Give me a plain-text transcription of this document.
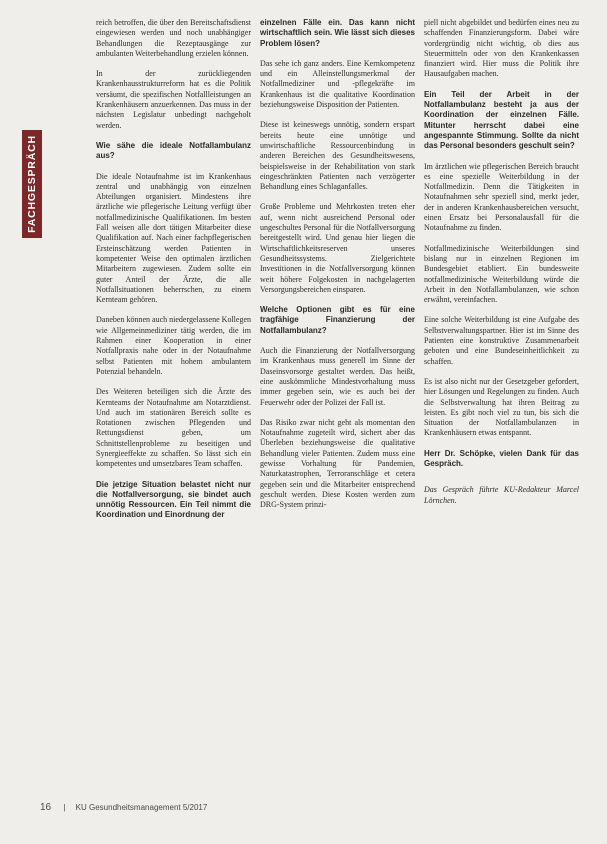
FACHGESPRÄCH

reich betroffen, die über den Bereitschaftsdienst eingewiesen werden und noch unabhängiger Behandlungen die Rezeptausgänge zur ambulanten Weiterbehandlung erzielen können.

In der zurückliegenden Krankenhausstrukturreform hat es die Politik versäumt, die spezifischen Notfallleistungen an Krankenhäusern anzuerkennen. Das muss in der nächsten Legislatur unbedingt nachgeholt werden.

Wie sähe die ideale Notfallambulanz aus?

Die ideale Notaufnahme ist im Krankenhaus zentral und unabhängig von einzelnen Abteilungen organisiert. Mindestens ihre ärztliche wie pflegerische Leitung verfügt über notfallmedizinische Qualifikationen. Im besten Fall weisen alle dort tätigen Mitarbeiter diese Qualifikation auf. Nach einer fachpflegerischen Ersteinschätzung werden Patienten in kompetenter Weise den optimalen ärztlichen Mitarbeitern zugewiesen. Zudem sollte ein guter Anteil der Ärzte, die alle Notfallsituationen beherrschen, zu einem Kernteam gehören.

Daneben können auch niedergelassene Kollegen wie Allgemeinmediziner tätig werden, die im Rahmen einer Kooperation in einer Notfallpraxis nahe oder in der Notaufnahme selbst Patienten mit hohem ambulantem Potenzial behandeln.

Des Weiteren beteiligen sich die Ärzte des Kernteams der Notaufnahme am Notarztdienst. Und auch im stationären Bereich sollte es Rotationen zwischen Pflegenden und Rettungsdienst geben, um Schnittstellenprobleme zu beseitigen und Synergieeffekte zu schaffen. So lässt sich ein kompetentes und umsetzbares Team schaffen.

Die jetzige Situation belastet nicht nur die Notfallversorgung, sie bindet auch unnötig Ressourcen. Ein Teil nimmt die Koordination und Einordnung der

einzelnen Fälle ein. Das kann nicht wirtschaftlich sein. Wie lässt sich dieses Problem lösen?

Das sehe ich ganz anders. Eine Kernkompetenz und ein Alleinstellungsmerkmal der Notfallmediziner und -pflegekräfte im Krankenhaus ist die qualitative Koordination beziehungsweise Disposition der Patienten.

Diese ist keineswegs unnötig, sondern erspart bereits heute eine unnötige und unwirtschaftliche Ressourcenbindung in anderen Bereichen des Gesundheitswesens, beispielsweise in der Rehabilitation von stark eingeschränkten Patienten nach verzögerter Behandlung eines Schlaganfalles.

Große Probleme und Mehrkosten treten eher auf, wenn nicht ausreichend Personal oder ungeschultes Personal für die Notfallversorgung bereitgestellt wird. Und genau hier liegen die Wirtschaftlichkeitsreserven unseres Gesundheitssystems. Zielgerichtete Investitionen in die Notfallversorgung können weit höhere Folgekosten in nachgelagerten Versorgungsbereichen einsparen.

Welche Optionen gibt es für eine tragfähige Finanzierung der Notfallambulanz?

Auch die Finanzierung der Notfallversorgung im Krankenhaus muss generell im Sinne der Daseinsvorsorge gestaltet werden. Das heißt, eine auskömmliche Mindestvorhaltung muss immer gegeben sein, wie es auch bei der Feuerwehr oder der Polizei der Fall ist.

Das Risiko zwar nicht geht als momentan den Notaufnahme zugeteilt wird, sichert aber das Überleben beziehungsweise die qualitative Behandlung vieler Patienten. Zudem muss eine gewisse Vorhaltung für Pandemien, Naturkatastrophen, Terroranschläge et cetera gegeben sein und die Mitarbeiter entsprechend geschult werden. Diese Kosten werden zum DRG-System prinzi-

piell nicht abgebildet und bedürfen eines neu zu schaffenden Finanzierungsform. Dabei wäre vordergründig nicht wichtig, ob dies aus Steuermitteln oder von den Krankenkassen finanziert wird. Hier muss die Politik ihre Hausaufgaben machen.

Ein Teil der Arbeit in der Notfallambulanz besteht ja aus der Koordination der einzelnen Fälle. Mitunter herrscht dabei eine angespannte Stimmung. Sollte da nicht das Personal besonders geschult sein?

Im ärztlichen wie pflegerischen Bereich braucht es eine spezielle Weiterbildung in der Notfallmedizin. Denn die Tätigkeiten in Notaufnahmen sehr speziell sind, merkt jeder, der in anderen Krankenhausbereichen versucht, einen Ersatz bei Personalausfall für die Notaufnahme zu finden.

Notfallmedizinische Weiterbildungen sind bislang nur in einzelnen Regionen im Bundesgebiet etabliert. Ein bundesweite notfallmedizinische Weiterbildung würde die Arbeit in den Notfallambulanzen, wie schon erwähnt, vereinfachen.

Eine solche Weiterbildung ist eine Aufgabe des Selbstverwaltungspartner. Hier ist im Sinne des Patienten eine konstruktive Zusammenarbeit geboten und eine Bundeseinheitlichkeit zu schaffen.

Es ist also nicht nur der Gesetzgeber gefordert, hier Lösungen und Regelungen zu finden. Auch die Selbstverwaltung hat ihren Beitrag zu leisten. Es gibt noch viel zu tun, bis sich die Situation der Notfallambulanzen in Krankenhäusern etwas entspannt.

Herr Dr. Schöpke, vielen Dank für das Gespräch.

Das Gespräch führte KU-Redakteur Marcel Lörnchen.

16 | KU Gesundheitsmanagement 5/2017
